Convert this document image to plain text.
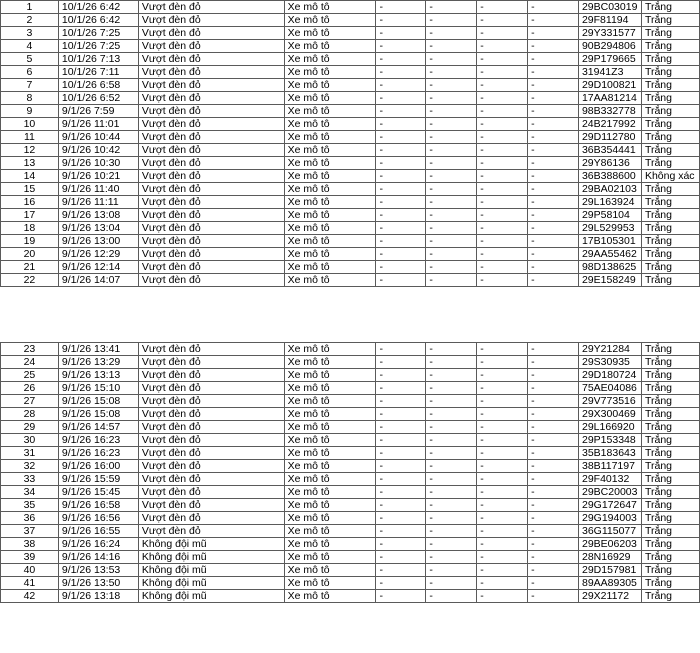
1	10/1/26 6:42	Vượt đèn đỏ	Xe mô tô	-	-	-	-	29BC03019	Trắng
2	10/1/26 6:42	Vượt đèn đỏ	Xe mô tô	-	-	-	-	29F81194	Trắng
3	10/1/26 7:25	Vượt đèn đỏ	Xe mô tô	-	-	-	-	29Y331577	Trắng
4	10/1/26 7:25	Vượt đèn đỏ	Xe mô tô	-	-	-	-	90B294806	Trắng
5	10/1/26 7:13	Vượt đèn đỏ	Xe mô tô	-	-	-	-	29P179665	Trắng
6	10/1/26 7:11	Vượt đèn đỏ	Xe mô tô	-	-	-	-	31941Z3	Trắng
7	10/1/26 6:58	Vượt đèn đỏ	Xe mô tô	-	-	-	-	29D100821	Trắng
8	10/1/26 6:52	Vượt đèn đỏ	Xe mô tô	-	-	-	-	17AA81214	Trắng
9	9/1/26 7:59	Vượt đèn đỏ	Xe mô tô	-	-	-	-	98B332778	Trắng
10	9/1/26 11:01	Vượt đèn đỏ	Xe mô tô	-	-	-	-	24B217992	Trắng
11	9/1/26 10:44	Vượt đèn đỏ	Xe mô tô	-	-	-	-	29D112780	Trắng
12	9/1/26 10:42	Vượt đèn đỏ	Xe mô tô	-	-	-	-	36B354441	Trắng
13	9/1/26 10:30	Vượt đèn đỏ	Xe mô tô	-	-	-	-	29Y86136	Trắng
14	9/1/26 10:21	Vượt đèn đỏ	Xe mô tô	-	-	-	-	36B388600	Không xác
15	9/1/26 11:40	Vượt đèn đỏ	Xe mô tô	-	-	-	-	29BA02103	Trắng
16	9/1/26 11:11	Vượt đèn đỏ	Xe mô tô	-	-	-	-	29L163924	Trắng
17	9/1/26 13:08	Vượt đèn đỏ	Xe mô tô	-	-	-	-	29P58104	Trắng
18	9/1/26 13:04	Vượt đèn đỏ	Xe mô tô	-	-	-	-	29L529953	Trắng
19	9/1/26 13:00	Vượt đèn đỏ	Xe mô tô	-	-	-	-	17B105301	Trắng
20	9/1/26 12:29	Vượt đèn đỏ	Xe mô tô	-	-	-	-	29AA55462	Trắng
21	9/1/26 12:14	Vượt đèn đỏ	Xe mô tô	-	-	-	-	98D138625	Trắng
22	9/1/26 14:07	Vượt đèn đỏ	Xe mô tô	-	-	-	-	29E158249	Trắng
23	9/1/26 13:41	Vượt đèn đỏ	Xe mô tô	-	-	-	-	29Y21284	Trắng
24	9/1/26 13:29	Vượt đèn đỏ	Xe mô tô	-	-	-	-	29S30935	Trắng
25	9/1/26 13:13	Vượt đèn đỏ	Xe mô tô	-	-	-	-	29D180724	Trắng
26	9/1/26 15:10	Vượt đèn đỏ	Xe mô tô	-	-	-	-	75AE04086	Trắng
27	9/1/26 15:08	Vượt đèn đỏ	Xe mô tô	-	-	-	-	29V773516	Trắng
28	9/1/26 15:08	Vượt đèn đỏ	Xe mô tô	-	-	-	-	29X300469	Trắng
29	9/1/26 14:57	Vượt đèn đỏ	Xe mô tô	-	-	-	-	29L166920	Trắng
30	9/1/26 16:23	Vượt đèn đỏ	Xe mô tô	-	-	-	-	29P153348	Trắng
31	9/1/26 16:23	Vượt đèn đỏ	Xe mô tô	-	-	-	-	35B183643	Trắng
32	9/1/26 16:00	Vượt đèn đỏ	Xe mô tô	-	-	-	-	38B117197	Trắng
33	9/1/26 15:59	Vượt đèn đỏ	Xe mô tô	-	-	-	-	29F40132	Trắng
34	9/1/26 15:45	Vượt đèn đỏ	Xe mô tô	-	-	-	-	29BC20003	Trắng
35	9/1/26 16:58	Vượt đèn đỏ	Xe mô tô	-	-	-	-	29G172647	Trắng
36	9/1/26 16:56	Vượt đèn đỏ	Xe mô tô	-	-	-	-	29G194003	Trắng
37	9/1/26 16:55	Vượt đèn đỏ	Xe mô tô	-	-	-	-	36G115077	Trắng
38	9/1/26 16:24	Không đội mũ	Xe mô tô	-	-	-	-	29BE06203	Trắng
39	9/1/26 14:16	Không đội mũ	Xe mô tô	-	-	-	-	28N16929	Trắng
40	9/1/26 13:53	Không đội mũ	Xe mô tô	-	-	-	-	29D157981	Trắng
41	9/1/26 13:50	Không đội mũ	Xe mô tô	-	-	-	-	89AA89305	Trắng
42	9/1/26 13:18	Không đội mũ	Xe mô tô	-	-	-	-	29X21172	Trắng
